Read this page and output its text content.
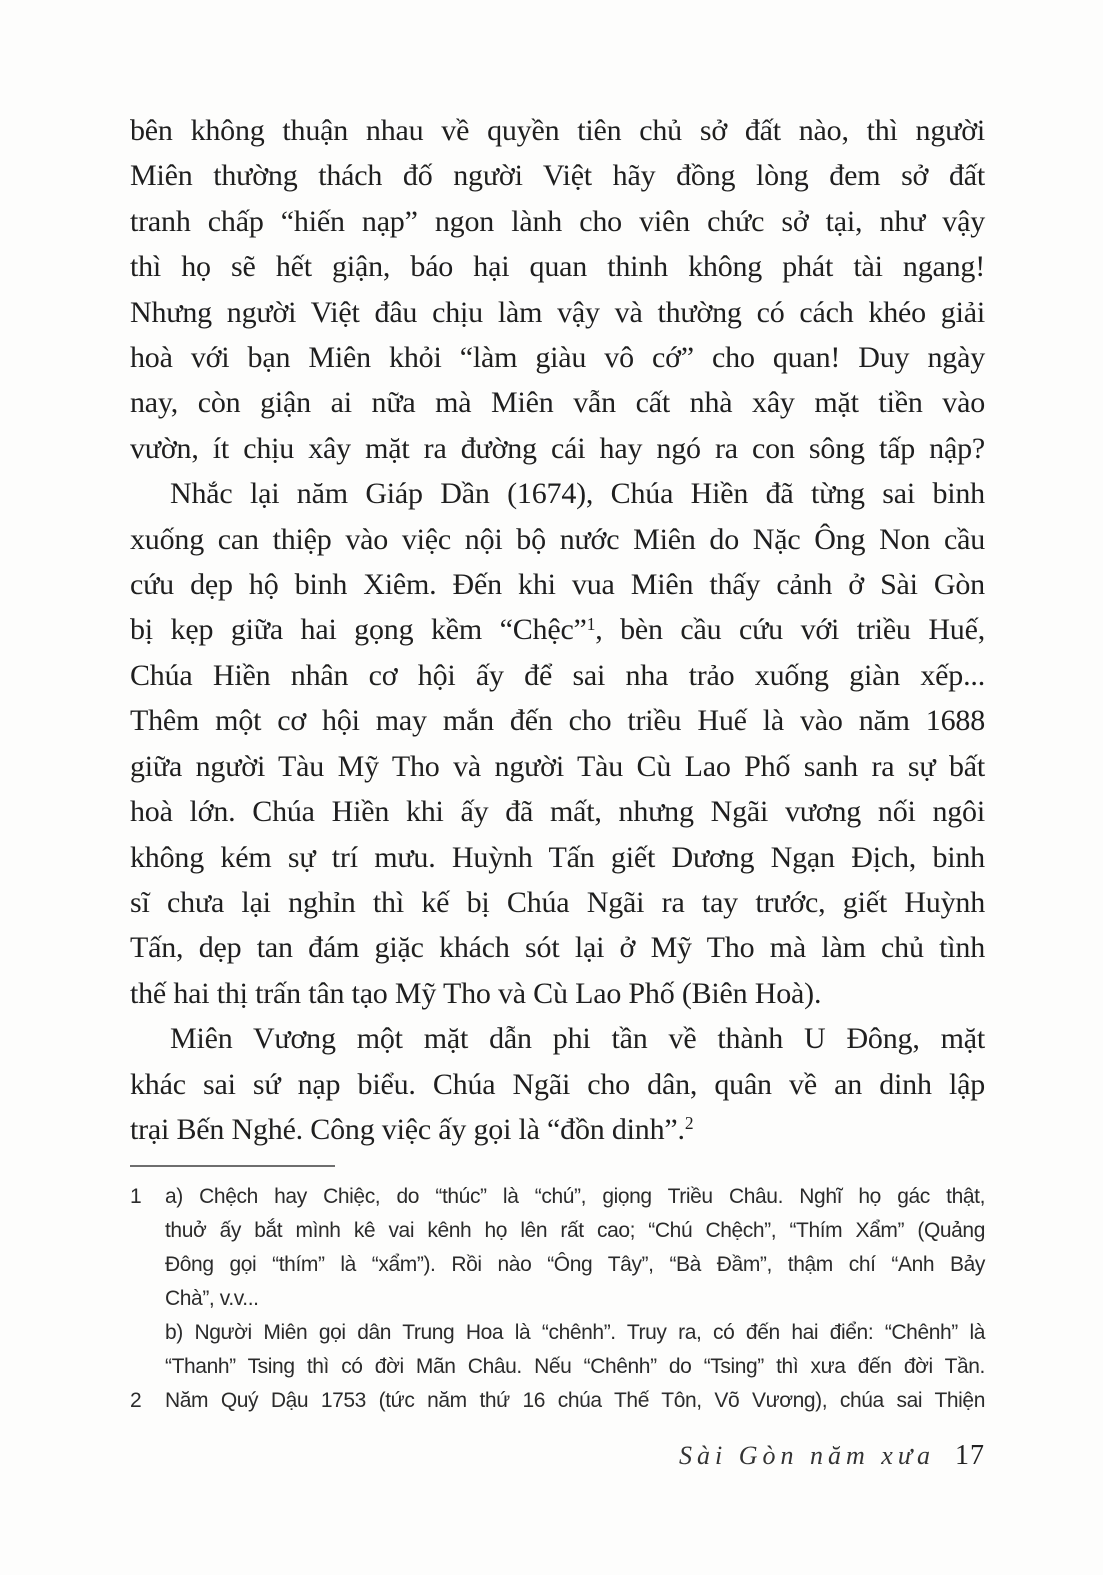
bên không thuận nhau về quyền tiên chủ sở đất nào, thì người
Miên thường thách đố người Việt hãy đồng lòng đem sở đất
tranh chấp “hiến nạp” ngon lành cho viên chức sở tại, như vậy
thì họ sẽ hết giận, báo hại quan thinh không phát tài ngang!
Nhưng người Việt đâu chịu làm vậy và thường có cách khéo giải
hoà với bạn Miên khỏi “làm giàu vô cớ” cho quan! Duy ngày
nay, còn giận ai nữa mà Miên vẫn cất nhà xây mặt tiền vào
vườn, ít chịu xây mặt ra đường cái hay ngó ra con sông tấp nập?
Nhắc lại năm Giáp Dần (1674), Chúa Hiền đã từng sai binh
xuống can thiệp vào việc nội bộ nước Miên do Nặc Ông Non cầu
cứu dẹp hộ binh Xiêm. Đến khi vua Miên thấy cảnh ở Sài Gòn
bị kẹp giữa hai gọng kềm “Chệc”$^1$, bèn cầu cứu với triều Huế,
Chúa Hiền nhân cơ hội ấy để sai nha trảo xuống giàn xếp...
Thêm một cơ hội may mắn đến cho triều Huế là vào năm 1688
giữa người Tàu Mỹ Tho và người Tàu Cù Lao Phố sanh ra sự bất
hoà lớn. Chúa Hiền khi ấy đã mất, nhưng Ngãi vương nối ngôi
không kém sự trí mưu. Huỳnh Tấn giết Dương Ngạn Địch, binh
sĩ chưa lại nghỉn thì kế bị Chúa Ngãi ra tay trước, giết Huỳnh
Tấn, dẹp tan đám giặc khách sót lại ở Mỹ Tho mà làm chủ tình
thế hai thị trấn tân tạo Mỹ Tho và Cù Lao Phố (Biên Hoà).
Miên Vương một mặt dẫn phi tần về thành U Đông, mặt
khác sai sứ nạp biểu. Chúa Ngãi cho dân, quân về an dinh lập
trại Bến Nghé. Công việc ấy gọi là “đồn dinh”.$^2$
1	a) Chệch hay Chiệc, do “thúc” là “chú”, giọng Triều Châu. Nghĩ họ gác thật,
thuở ấy bắt mình kê vai kênh họ lên rất cao; “Chú Chệch”, “Thím Xẩm” (Quảng
Đông gọi “thím” là “xẩm”). Rồi nào “Ông Tây”, “Bà Đầm”, thậm chí “Anh Bảy
Chà”, v.v...
b) Người Miên gọi dân Trung Hoa là “chênh”. Truy ra, có đến hai điển: “Chênh” là
“Thanh” Tsing thì có đời Mãn Châu. Nếu “Chênh” do “Tsing” thì xưa đến đời Tần.
2	Năm Quý Dậu 1753 (tức năm thứ 16 chúa Thế Tôn, Võ Vương), chúa sai Thiện
Sài Gòn năm xưa 17
